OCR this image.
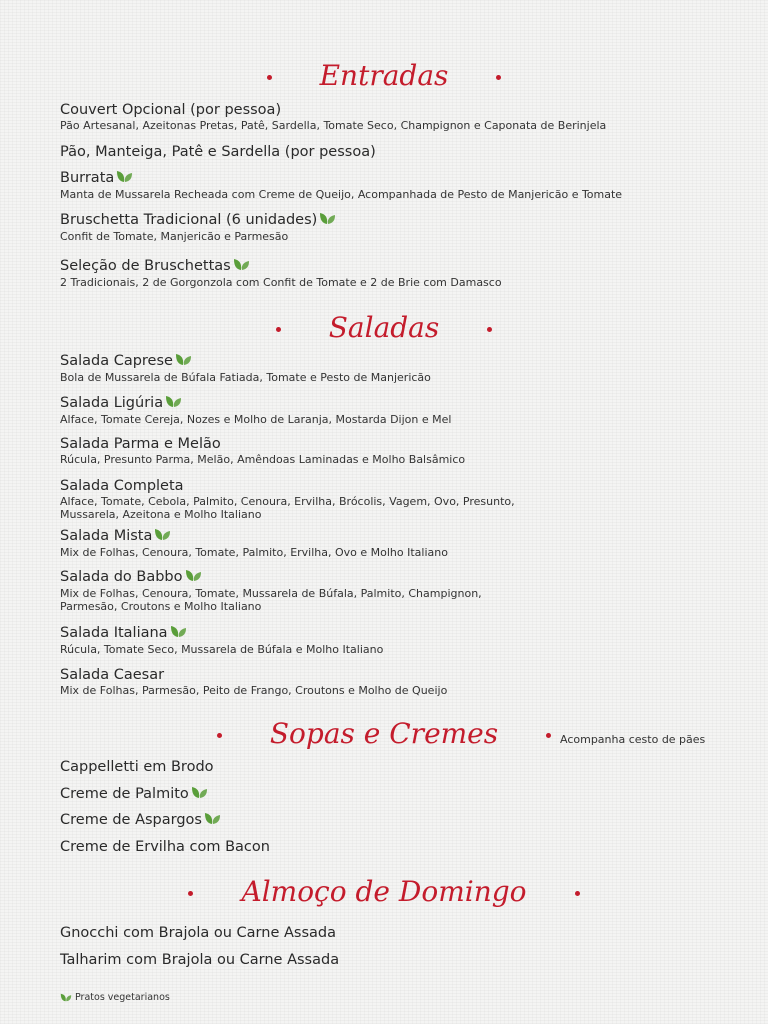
Entradas
Saladas
Sopas e Cremes	Acompanha cesto de pães
Almoço de Domingo
Couvert Opcional (por pessoa)
Pão Artesanal, Azeitonas Pretas, Patê, Sardella, Tomate Seco, Champignon e Caponata de Berinjela
Pão, Manteiga, Patê e Sardella (por pessoa)
Burrata
Manta de Mussarela Recheada com Creme de Queijo, Acompanhada de Pesto de Manjericão e Tomate
Bruschetta Tradicional (6 unidades)
Confit de Tomate, Manjericão e Parmesão
Seleção de Bruschettas
2 Tradicionais, 2 de Gorgonzola com Confit de Tomate e 2 de Brie com Damasco
Salada Caprese
Bola de Mussarela de Búfala Fatiada, Tomate e Pesto de Manjericão
Salada Ligúria
Alface, Tomate Cereja, Nozes e Molho de Laranja, Mostarda Dijon e Mel
Salada Parma e Melão
Rúcula, Presunto Parma, Melão, Amêndoas Laminadas e Molho Balsâmico
Salada Completa
Alface, Tomate, Cebola, Palmito, Cenoura, Ervilha, Brócolis, Vagem, Ovo, Presunto,
Mussarela, Azeitona e Molho Italiano
Salada Mista
Mix de Folhas, Cenoura, Tomate, Palmito, Ervilha, Ovo e Molho Italiano
Salada do Babbo
Mix de Folhas, Cenoura, Tomate, Mussarela de Búfala, Palmito, Champignon,
Parmesão, Croutons e Molho Italiano
Salada Italiana
Rúcula, Tomate Seco, Mussarela de Búfala e Molho Italiano
Salada Caesar
Mix de Folhas, Parmesão, Peito de Frango, Croutons e Molho de Queijo
Cappelletti em Brodo
Creme de Palmito
Creme de Aspargos
Creme de Ervilha com Bacon
Gnocchi com Brajola ou Carne Assada
Talharim com Brajola ou Carne Assada
Pratos vegetarianos
